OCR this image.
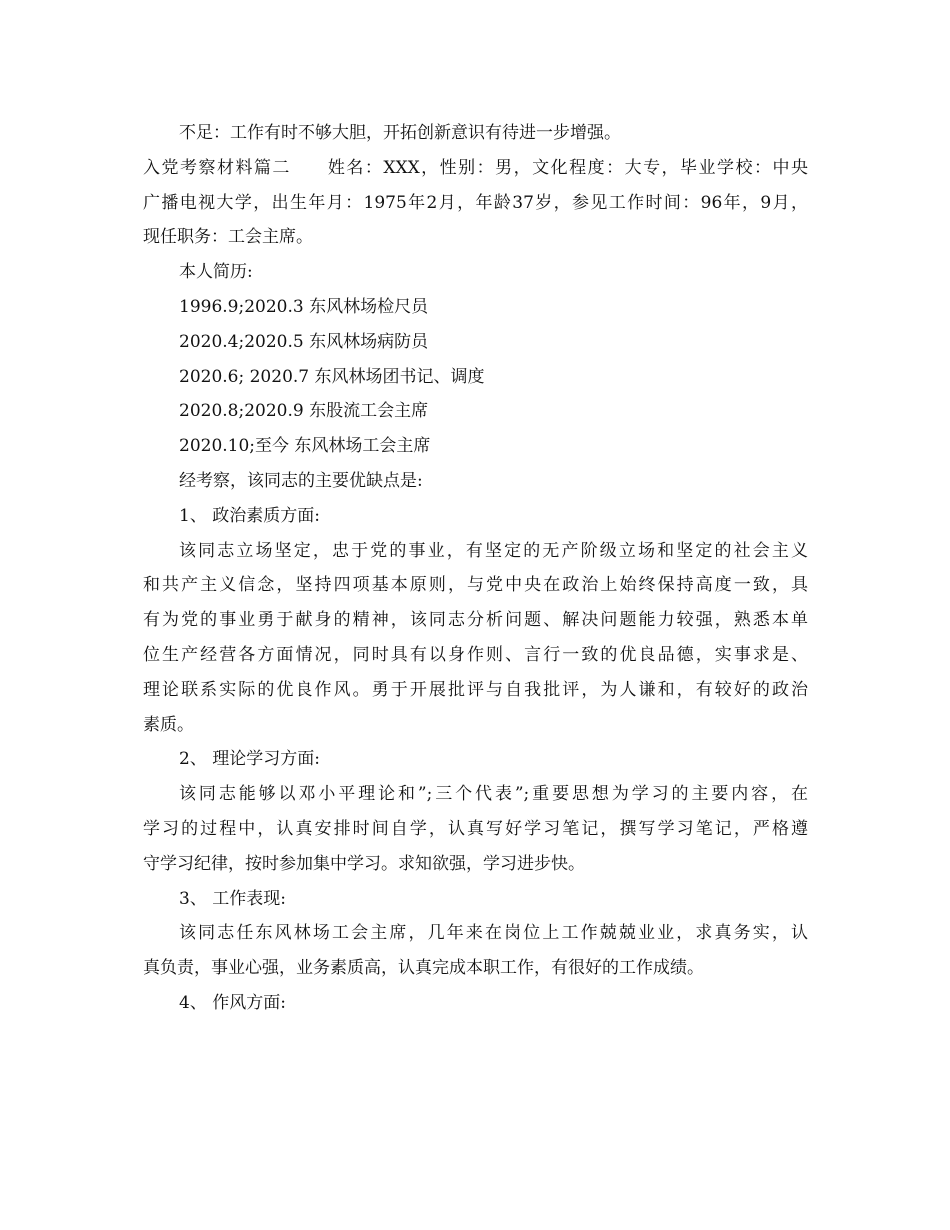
不足：工作有时不够大胆，开拓创新意识有待进一步增强。
入党考察材料篇二　　姓名：XXX，性别：男，文化程度：大专，毕业学校：中央
广播电视大学，出生年月：1975年2月，年龄37岁，参见工作时间：96年，9月，
现任职务：工会主席。
本人简历:
1996.9;2020.3 东风林场检尺员
2020.4;2020.5 东风林场病防员
2020.6; 2020.7 东风林场团书记、调度
2020.8;2020.9 东股流工会主席
2020.10;至今 东风林场工会主席
经考察，该同志的主要优缺点是:
1、 政治素质方面:
该同志立场坚定，忠于党的事业，有坚定的无产阶级立场和坚定的社会主义
和共产主义信念，坚持四项基本原则，与党中央在政治上始终保持高度一致，具
有为党的事业勇于献身的精神，该同志分析问题、解决问题能力较强，熟悉本单
位生产经营各方面情况，同时具有以身作则、言行一致的优良品德，实事求是、
理论联系实际的优良作风。勇于开展批评与自我批评，为人谦和，有较好的政治
素质。
2、 理论学习方面:
该同志能够以邓小平理论和”;三个代表”;重要思想为学习的主要内容，在
学习的过程中，认真安排时间自学，认真写好学习笔记，撰写学习笔记，严格遵
守学习纪律，按时参加集中学习。求知欲强，学习进步快。
3、 工作表现:
该同志任东风林场工会主席，几年来在岗位上工作兢兢业业，求真务实，认
真负责，事业心强，业务素质高，认真完成本职工作，有很好的工作成绩。
4、 作风方面:
